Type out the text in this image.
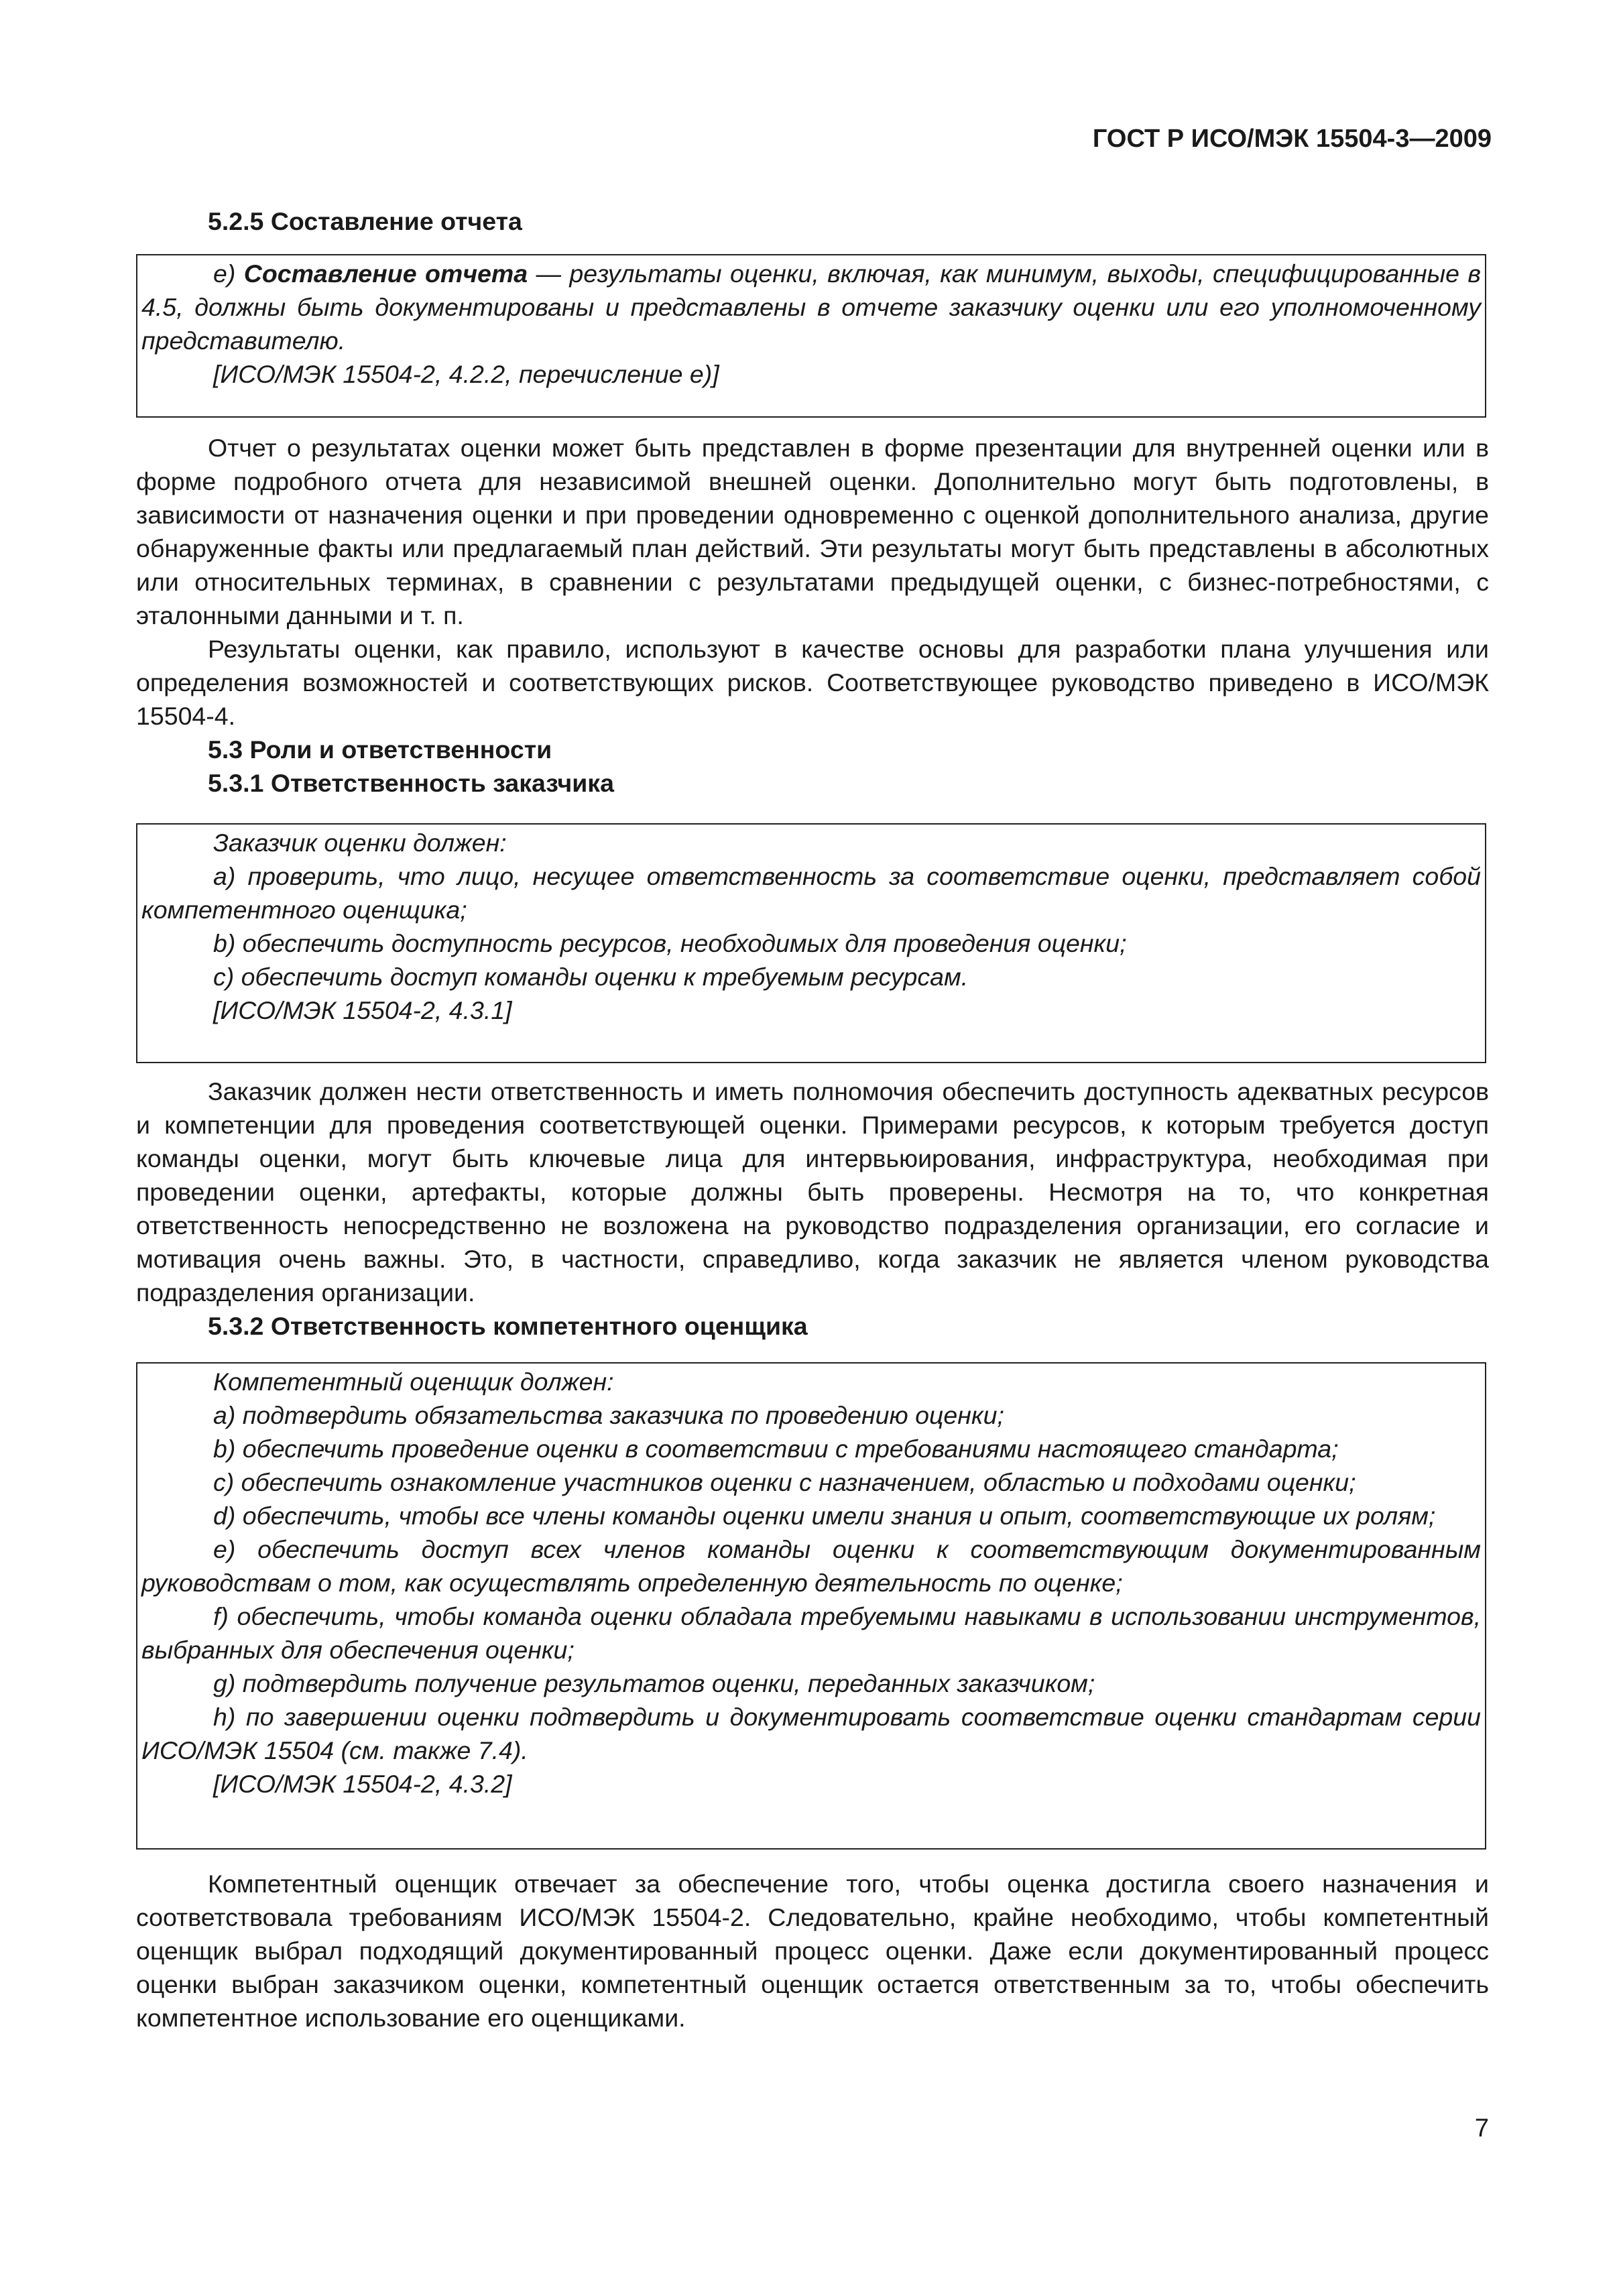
ГОСТ Р ИСО/МЭК 15504-3—2009
5.2.5 Составление отчета

е) Составление отчета — результаты оценки, включая, как минимум, выходы, специфицированные в 4.5, должны быть документированы и представлены в отчете заказчику оценки или его уполномоченному представителю.

[ИСО/МЭК 15504-2, 4.2.2, перечисление е)]

Отчет о результатах оценки может быть представлен в форме презентации для внутренней оценки или в форме подробного отчета для независимой внешней оценки. Дополнительно могут быть подготовлены, в зависимости от назначения оценки и при проведении одновременно с оценкой дополнительного анализа, другие обнаруженные факты или предлагаемый план действий. Эти результаты могут быть представлены в абсолютных или относительных терминах, в сравнении с результатами предыдущей оценки, с бизнес-потребностями, с эталонными данными и т. п.

Результаты оценки, как правило, используют в качестве основы для разработки плана улучшения или определения возможностей и соответствующих рисков. Соответствующее руководство приведено в ИСО/МЭК 15504-4.

5.3 Роли и ответственности
5.3.1 Ответственность заказчика

Заказчик оценки должен:

a) проверить, что лицо, несущее ответственность за соответствие оценки, представляет собой компетентного оценщика;

b) обеспечить доступность ресурсов, необходимых для проведения оценки;

c) обеспечить доступ команды оценки к требуемым ресурсам.

[ИСО/МЭК 15504-2, 4.3.1]

Заказчик должен нести ответственность и иметь полномочия обеспечить доступность адекватных ресурсов и компетенции для проведения соответствующей оценки. Примерами ресурсов, к которым требуется доступ команды оценки, могут быть ключевые лица для интервьюирования, инфраструктура, необходимая при проведении оценки, артефакты, которые должны быть проверены. Несмотря на то, что конкретная ответственность непосредственно не возложена на руководство подразделения организации, его согласие и мотивация очень важны. Это, в частности, справедливо, когда заказчик не является членом руководства подразделения организации.

5.3.2 Ответственность компетентного оценщика

Компетентный оценщик должен:

a) подтвердить обязательства заказчика по проведению оценки;

b) обеспечить проведение оценки в соответствии с требованиями настоящего стандарта;

c) обеспечить ознакомление участников оценки с назначением, областью и подходами оценки;

d) обеспечить, чтобы все члены команды оценки имели знания и опыт, соответствующие их ролям;

e) обеспечить доступ всех членов команды оценки к соответствующим документированным руководствам о том, как осуществлять определенную деятельность по оценке;

f) обеспечить, чтобы команда оценки обладала требуемыми навыками в использовании инструментов, выбранных для обеспечения оценки;

g) подтвердить получение результатов оценки, переданных заказчиком;

h) по завершении оценки подтвердить и документировать соответствие оценки стандартам серии ИСО/МЭК 15504 (см. также 7.4).

[ИСО/МЭК 15504-2, 4.3.2]

Компетентный оценщик отвечает за обеспечение того, чтобы оценка достигла своего назначения и соответствовала требованиям ИСО/МЭК 15504-2. Следовательно, крайне необходимо, чтобы компетентный оценщик выбрал подходящий документированный процесс оценки. Даже если документированный процесс оценки выбран заказчиком оценки, компетентный оценщик остается ответственным за то, чтобы обеспечить компетентное использование его оценщиками.

7
